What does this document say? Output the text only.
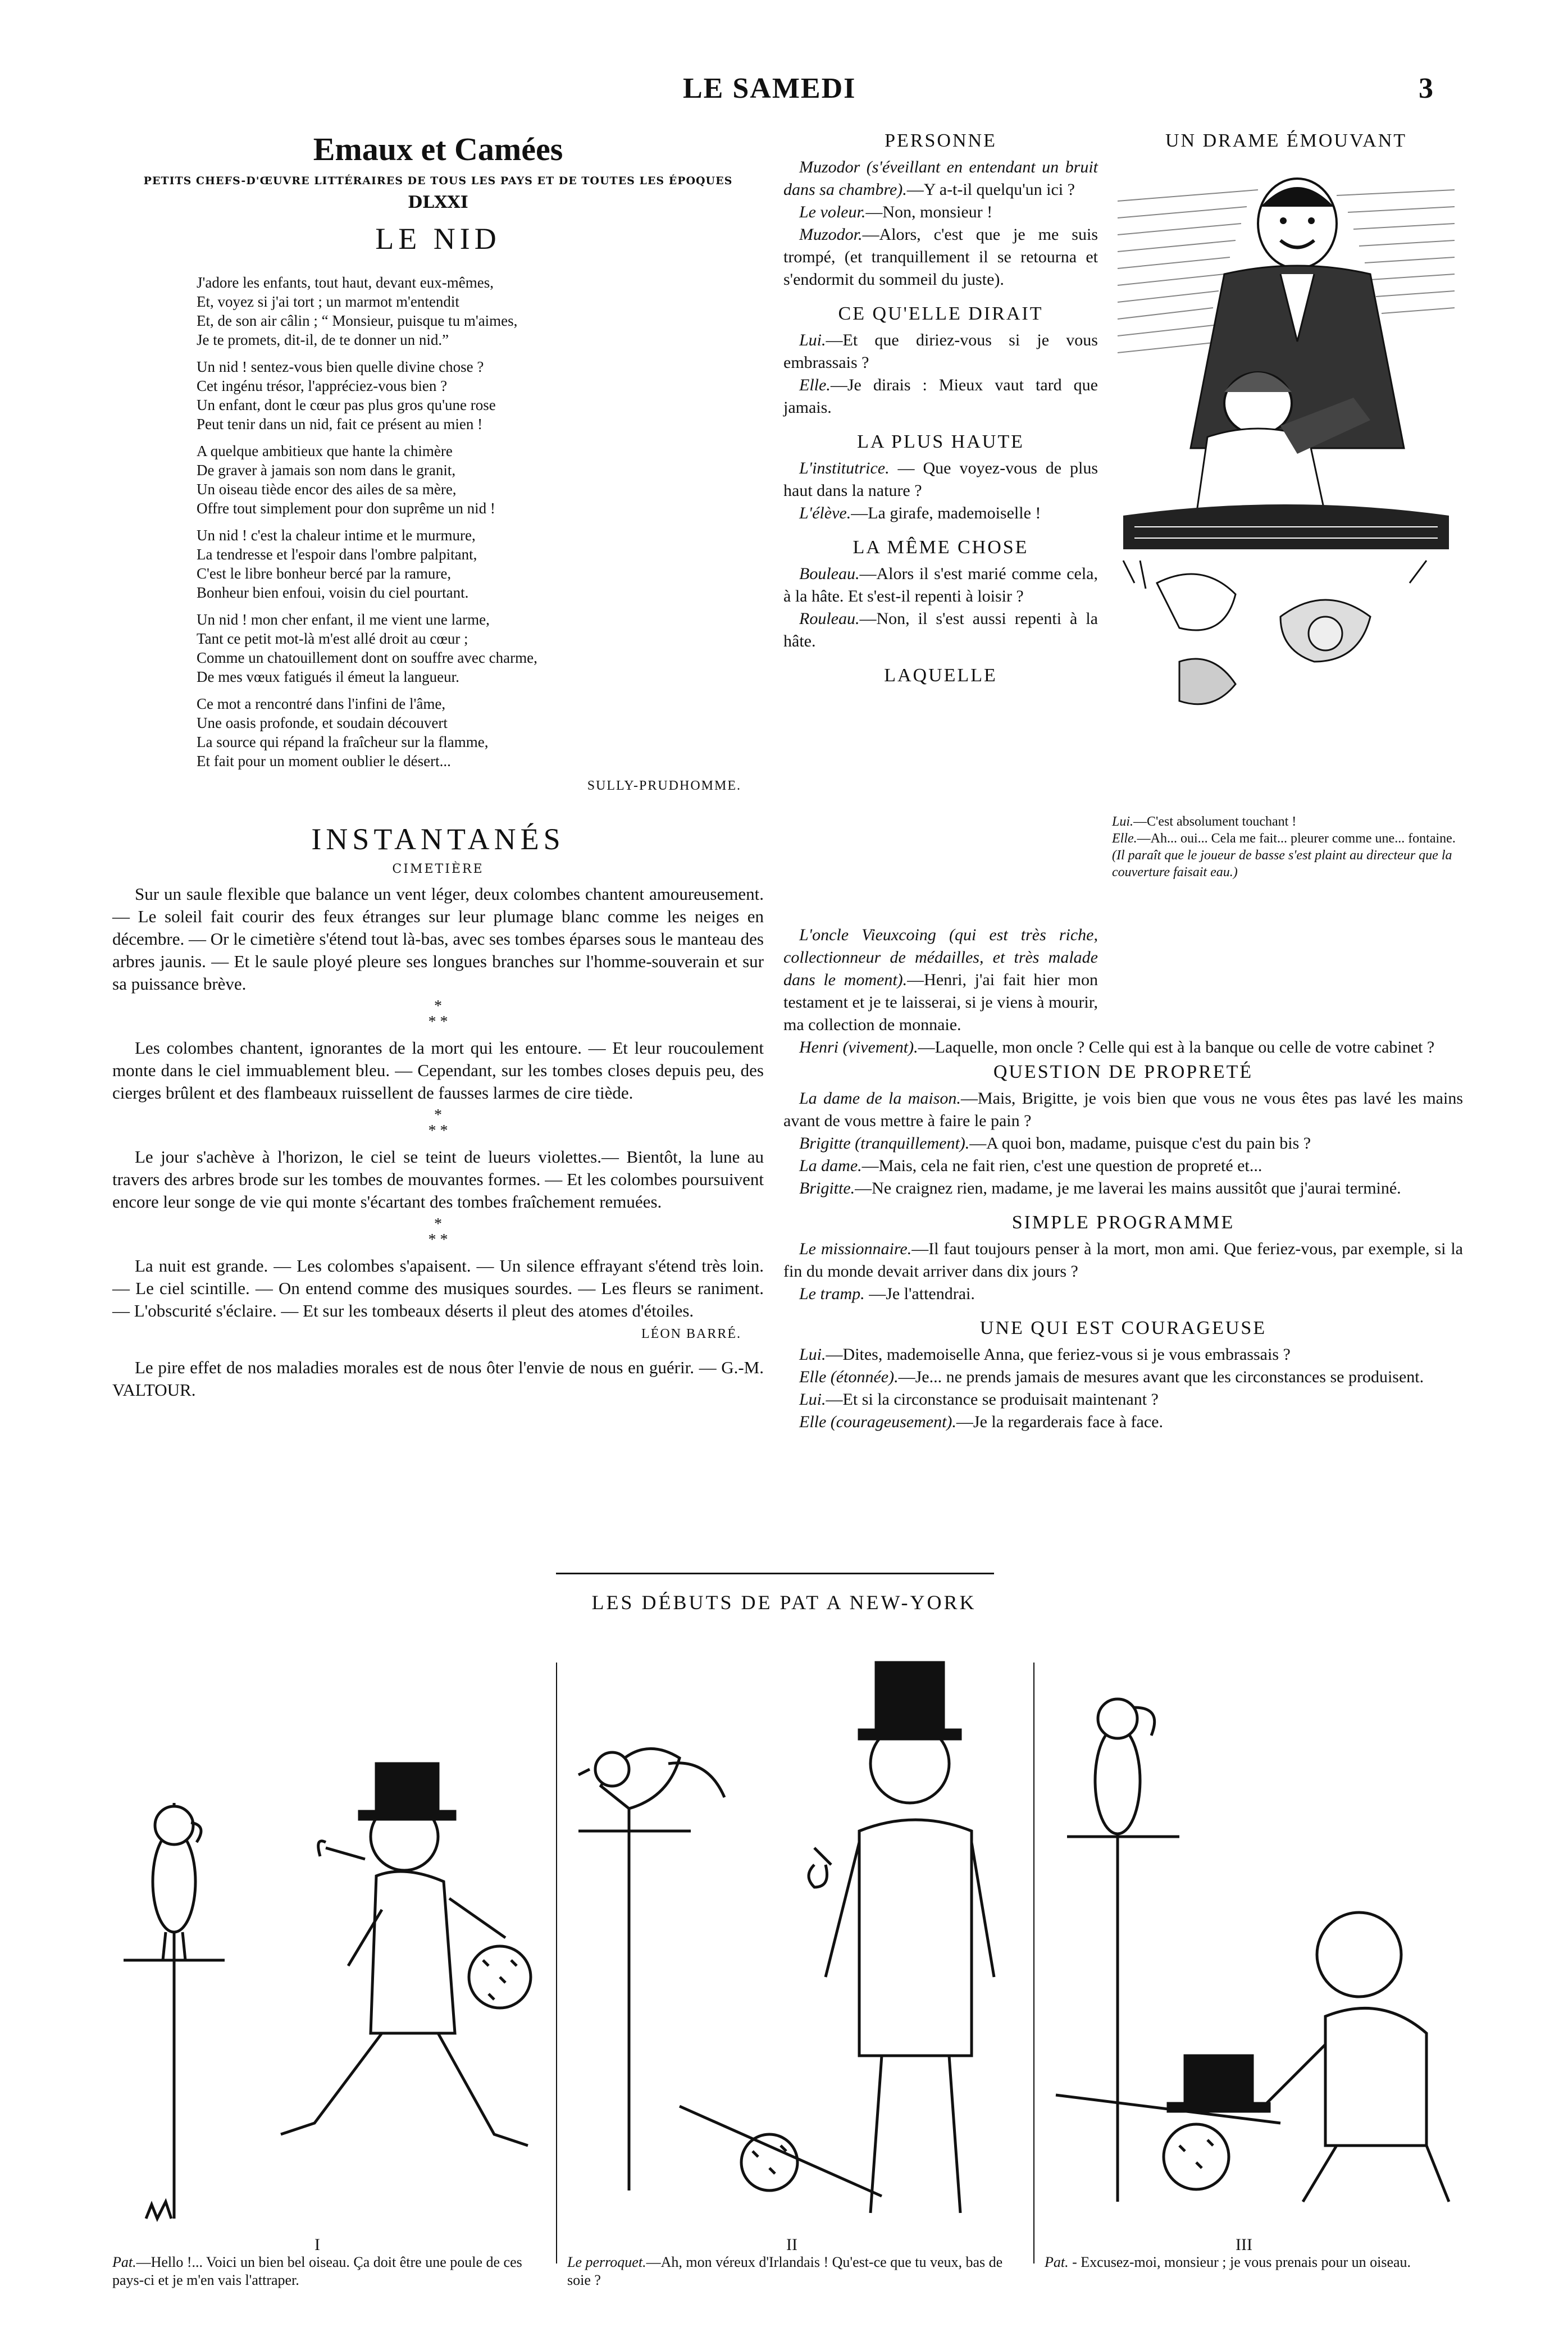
LE SAMEDI	3
Emaux et Camées
PETITS CHEFS-D'ŒUVRE LITTÉRAIRES DE TOUS LES PAYS ET DE TOUTES LES ÉPOQUES
DLXXI
LE NID
J'adore les enfants, tout haut, devant eux-mêmes,
Et, voyez si j'ai tort ; un marmot m'entendit
Et, de son air câlin ; “ Monsieur, puisque tu m'aimes,
Je te promets, dit-il, de te donner un nid.”
Un nid ! sentez-vous bien quelle divine chose ?
Cet ingénu trésor, l'appréciez-vous bien ?
Un enfant, dont le cœur pas plus gros qu'une rose
Peut tenir dans un nid, fait ce présent au mien !
A quelque ambitieux que hante la chimère
De graver à jamais son nom dans le granit,
Un oiseau tiède encor des ailes de sa mère,
Offre tout simplement pour don suprême un nid !
Un nid ! c'est la chaleur intime et le murmure,
La tendresse et l'espoir dans l'ombre palpitant,
C'est le libre bonheur bercé par la ramure,
Bonheur bien enfoui, voisin du ciel pourtant.
Un nid ! mon cher enfant, il me vient une larme,
Tant ce petit mot-là m'est allé droit au cœur ;
Comme un chatouillement dont on souffre avec charme,
De mes vœux fatigués il émeut la langueur.
Ce mot a rencontré dans l'infini de l'âme,
Une oasis profonde, et soudain découvert
La source qui répand la fraîcheur sur la flamme,
Et fait pour un moment oublier le désert...
SULLY-PRUDHOMME.
INSTANTANÉS
CIMETIÈRE

Sur un saule flexible que balance un vent léger, deux colombes chantent amoureusement.— Le soleil fait courir des feux étranges sur leur plumage blanc comme les neiges en décembre. — Or le cimetière s'étend tout là-bas, avec ses tombes éparses sous le manteau des arbres jaunis. — Et le saule ployé pleure ses longues branches sur l'homme-souverain et sur sa puissance brève.

*
* *

Les colombes chantent, ignorantes de la mort qui les entoure. — Et leur roucoulement monte dans le ciel immuablement bleu. — Cependant, sur les tombes closes depuis peu, des cierges brûlent et des flambeaux ruissellent de fausses larmes de cire tiède.

*
* *

Le jour s'achève à l'horizon, le ciel se teint de lueurs violettes.— Bientôt, la lune au travers des arbres brode sur les tombes de mouvantes formes. — Et les colombes poursuivent encore leur songe de vie qui monte s'écartant des tombes fraîchement remuées.

*
* *

La nuit est grande. — Les colombes s'apaisent. — Un silence effrayant s'étend très loin. — Le ciel scintille. — On entend comme des musiques sourdes. — Les fleurs se raniment. — L'obscurité s'éclaire. — Et sur les tombeaux déserts il pleut des atomes d'étoiles.

LÉON BARRÉ.

Le pire effet de nos maladies morales est de nous ôter l'envie de nous en guérir. — G.-M. VALTOUR.

PERSONNE

Muzodor (s'éveillant en entendant un bruit dans sa chambre).—Y a-t-il quelqu'un ici ?

Le voleur.—Non, monsieur !

Muzodor.—Alors, c'est que je me suis trompé, (et tranquillement il se retourna et s'endormit du sommeil du juste).

CE QU'ELLE DIRAIT

Lui.—Et que diriez-vous si je vous embrassais ?

Elle.—Je dirais : Mieux vaut tard que jamais.

LA PLUS HAUTE

L'institutrice. — Que voyez-vous de plus haut dans la nature ?

L'élève.—La girafe, mademoiselle !

LA MÊME CHOSE

Bouleau.—Alors il s'est marié comme cela, à la hâte. Et s'est-il repenti à loisir ?

Rouleau.—Non, il s'est aussi repenti à la hâte.

LAQUELLE

L'oncle Vieuxcoing (qui est très riche, collectionneur de médailles, et très malade dans le moment).—Henri, j'ai fait hier mon testament et je te laisserai, si je viens à mourir, ma collection de monnaie.

Henri (vivement).—Laquelle, mon oncle ? Celle qui est à la banque ou celle de votre cabinet ?

UN DRAME ÉMOUVANT
Lui.—C'est absolument touchant !
Elle.—Ah... oui... Cela me fait... pleurer comme une... fontaine.
(Il paraît que le joueur de basse s'est plaint au directeur que la couverture faisait eau.)
QUESTION DE PROPRETÉ

La dame de la maison.—Mais, Brigitte, je vois bien que vous ne vous êtes pas lavé les mains avant de vous mettre à faire le pain ?

Brigitte (tranquillement).—A quoi bon, madame, puisque c'est du pain bis ?

La dame.—Mais, cela ne fait rien, c'est une question de propreté et...

Brigitte.—Ne craignez rien, madame, je me laverai les mains aussitôt que j'aurai terminé.

SIMPLE PROGRAMME

Le missionnaire.—Il faut toujours penser à la mort, mon ami. Que feriez-vous, par exemple, si la fin du monde devait arriver dans dix jours ?

Le tramp. —Je l'attendrai.

UNE QUI EST COURAGEUSE

Lui.—Dites, mademoiselle Anna, que feriez-vous si je vous embrassais ?

Elle (étonnée).—Je... ne prends jamais de mesures avant que les circonstances se produisent.

Lui.—Et si la circonstance se produisait maintenant ?

Elle (courageusement).—Je la regarderais face à face.

LES DÉBUTS DE PAT A NEW-YORK
I
Pat.—Hello !... Voici un bien bel oiseau. Ça doit être une poule de ces pays-ci et je m'en vais l'attraper.
II
Le perroquet.—Ah, mon véreux d'Irlandais ! Qu'est-ce que tu veux, bas de soie ?
III
Pat. - Excusez-moi, monsieur ; je vous prenais pour un oiseau.
